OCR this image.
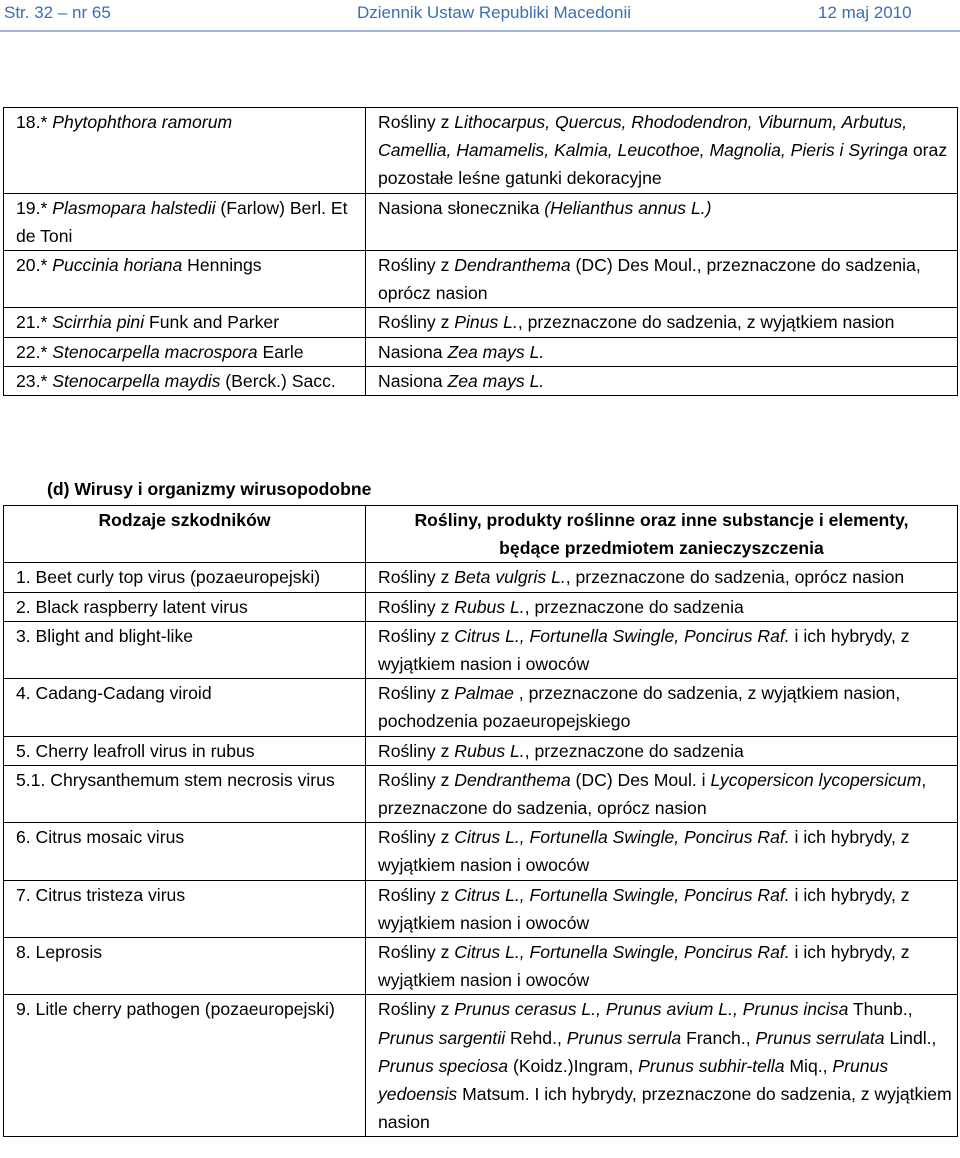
Str. 32 – nr 65	Dziennik Ustaw Republiki Macedonii	12 maj 2010
18.* Phytophthora ramorum	Rośliny z Lithocarpus, Quercus, Rhododendron, Viburnum, Arbutus, Camellia, Hamamelis, Kalmia, Leucothoe, Magnolia, Pieris i Syringa oraz pozostałe leśne gatunki dekoracyjne
19.* Plasmopara halstedii (Farlow) Berl. Et de Toni	Nasiona słonecznika (Helianthus annus L.)
20.* Puccinia horiana Hennings	Rośliny z Dendranthema (DC) Des Moul., przeznaczone do sadzenia, oprócz nasion
21.* Scirrhia pini Funk and Parker	Rośliny z Pinus L., przeznaczone do sadzenia, z wyjątkiem nasion
22.* Stenocarpella macrospora Earle	Nasiona Zea mays L.
23.* Stenocarpella maydis (Berck.) Sacc.	Nasiona Zea mays L.
(d) Wirusy i organizmy wirusopodobne
Rodzaje szkodników	Rośliny, produkty roślinne oraz inne substancje i elementy, będące przedmiotem zanieczyszczenia
1. Beet curly top virus (pozaeuropejski)	Rośliny z Beta vulgris L., przeznaczone do sadzenia, oprócz nasion
2. Black raspberry latent virus	Rośliny z Rubus L., przeznaczone do sadzenia
3. Blight and blight-like	Rośliny z Citrus L., Fortunella Swingle, Poncirus Raf. i ich hybrydy, z wyjątkiem nasion i owoców
4. Cadang-Cadang viroid	Rośliny z Palmae , przeznaczone do sadzenia, z wyjątkiem nasion, pochodzenia pozaeuropejskiego
5. Cherry leafroll virus in rubus	Rośliny z Rubus L., przeznaczone do sadzenia
5.1. Chrysanthemum stem necrosis virus	Rośliny z Dendranthema (DC) Des Moul. i Lycopersicon lycopersicum, przeznaczone do sadzenia, oprócz nasion
6. Citrus mosaic virus	Rośliny z Citrus L., Fortunella Swingle, Poncirus Raf. i ich hybrydy, z wyjątkiem nasion i owoców
7. Citrus tristeza virus	Rośliny z Citrus L., Fortunella Swingle, Poncirus Raf. i ich hybrydy, z wyjątkiem nasion i owoców
8. Leprosis	Rośliny z Citrus L., Fortunella Swingle, Poncirus Raf. i ich hybrydy, z wyjątkiem nasion i owoców
9. Litle cherry pathogen (pozaeuropejski)	Rośliny z Prunus cerasus L., Prunus avium L., Prunus incisa Thunb., Prunus sargentii Rehd., Prunus serrula Franch., Prunus serrulata Lindl., Prunus speciosa (Koidz.)Ingram, Prunus subhir-tella Miq., Prunus yedoensis Matsum. I ich hybrydy, przeznaczone do sadzenia, z wyjątkiem nasion
